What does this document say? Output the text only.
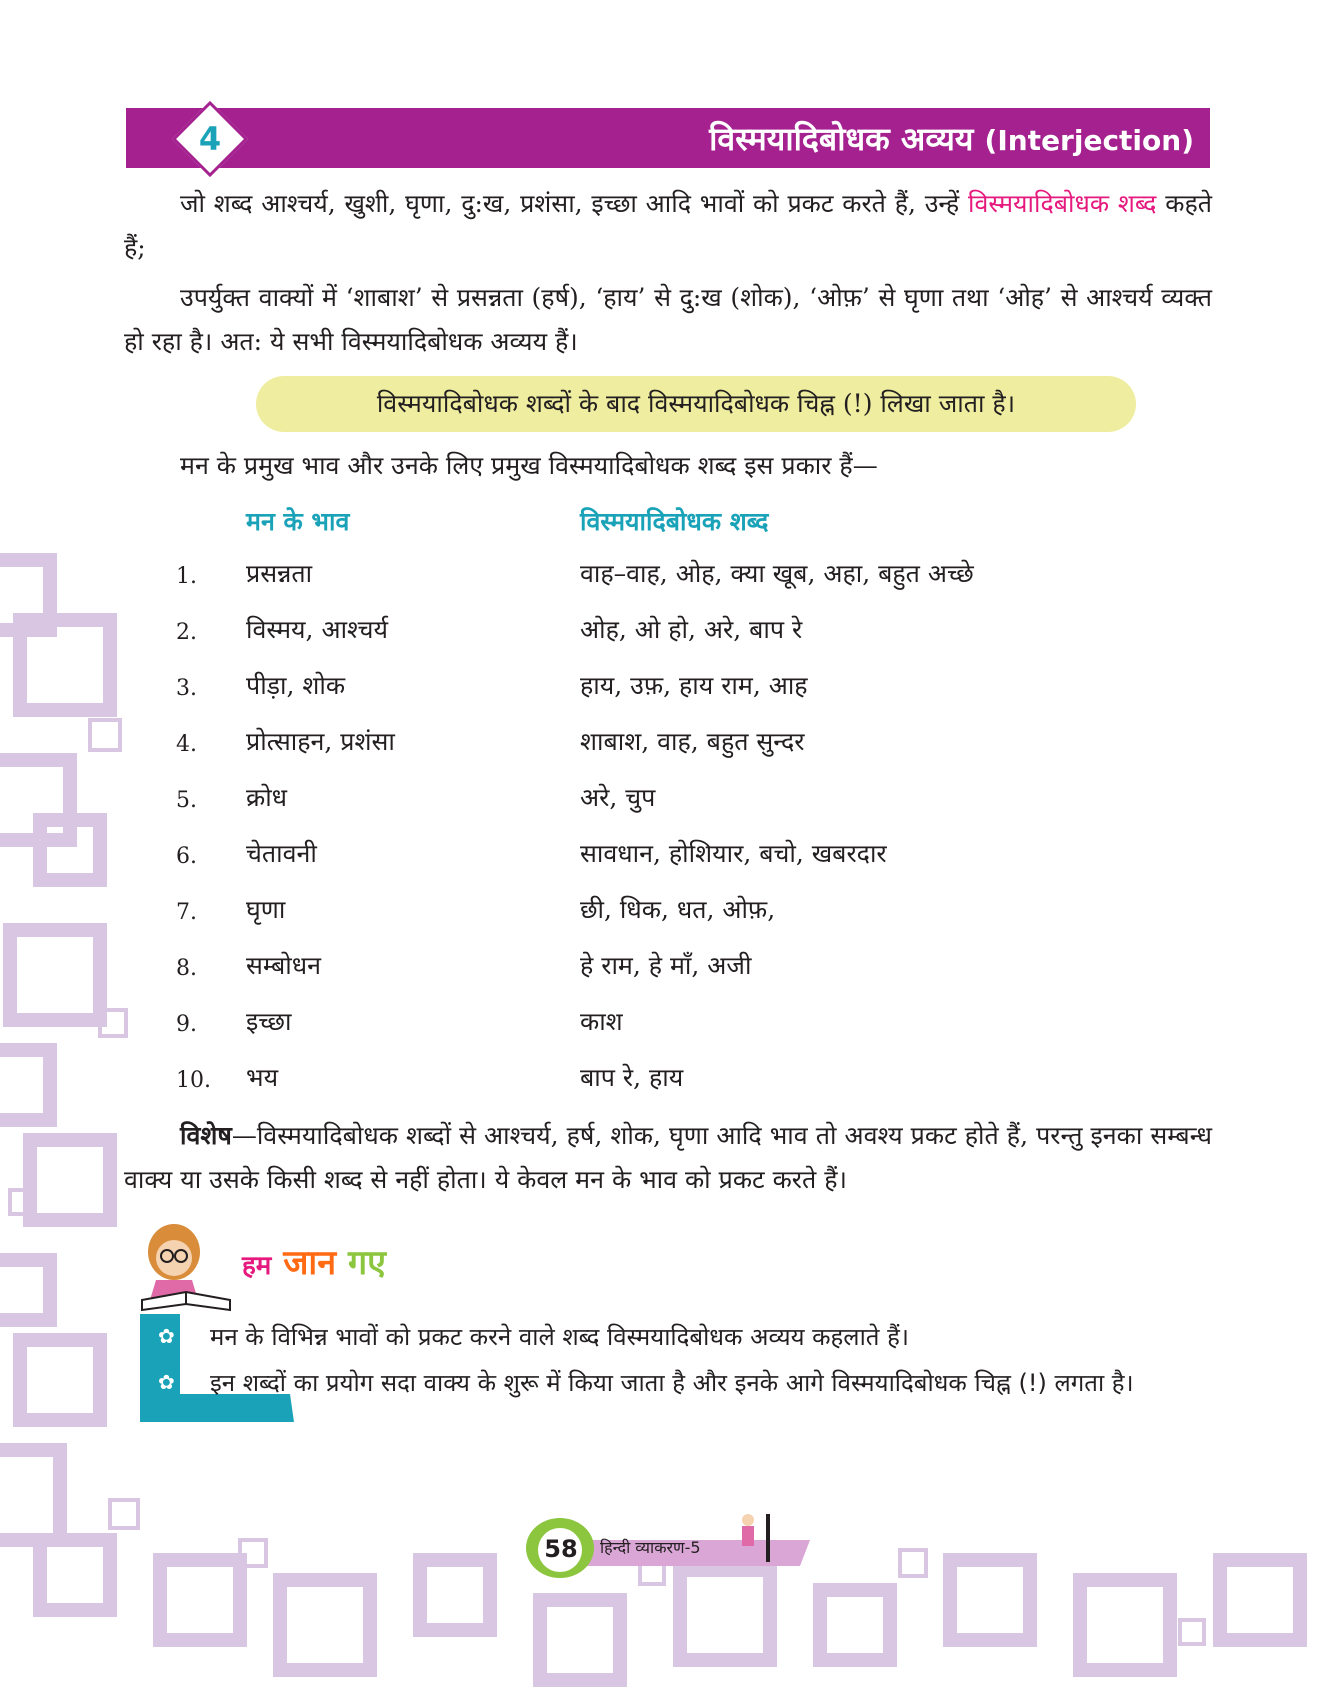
4	विस्मयादिबोधक अव्यय (Interjection)
जो शब्द आश्चर्य, खुशी, घृणा, दु:ख, प्रशंसा, इच्छा आदि भावों को प्रकट करते हैं, उन्हें विस्मयादिबोधक शब्द कहते हैं;
उपर्युक्त वाक्यों में ‘शाबाश’ से प्रसन्नता (हर्ष), ‘हाय’ से दु:ख (शोक), ‘ओफ़’ से घृणा तथा ‘ओह’ से आश्चर्य व्यक्त हो रहा है। अत: ये सभी विस्मयादिबोधक अव्यय हैं।
विस्मयादिबोधक शब्दों के बाद विस्मयादिबोधक चिह्न (!) लिखा जाता है।
मन के प्रमुख भाव और उनके लिए प्रमुख विस्मयादिबोधक शब्द इस प्रकार हैं—
मन के भाव	विस्मयादिबोधक शब्द
1.	प्रसन्नता	वाह–वाह, ओह, क्या खूब, अहा, बहुत अच्छे
2.	विस्मय, आश्चर्य	ओह, ओ हो, अरे, बाप रे
3.	पीड़ा, शोक	हाय, उफ़, हाय राम, आह
4.	प्रोत्साहन, प्रशंसा	शाबाश, वाह, बहुत सुन्दर
5.	क्रोध	अरे, चुप
6.	चेतावनी	सावधान, होशियार, बचो, खबरदार
7.	घृणा	छी, धिक, धत, ओफ़,
8.	सम्बोधन	हे राम, हे माँ, अजी
9.	इच्छा	काश
10. भय	बाप रे, हाय
विशेष—विस्मयादिबोधक शब्दों से आश्चर्य, हर्ष, शोक, घृणा आदि भाव तो अवश्य प्रकट होते हैं, परन्तु इनका सम्बन्ध वाक्य या उसके किसी शब्द से नहीं होता। ये केवल मन के भाव को प्रकट करते हैं।
हम जान गए
✿ मन के विभिन्न भावों को प्रकट करने वाले शब्द विस्मयादिबोधक अव्यय कहलाते हैं।
✿ इन शब्दों का प्रयोग सदा वाक्य के शुरू में किया जाता है और इनके आगे विस्मयादिबोधक चिह्न (!) लगता है।
58	हिन्दी व्याकरण-5
